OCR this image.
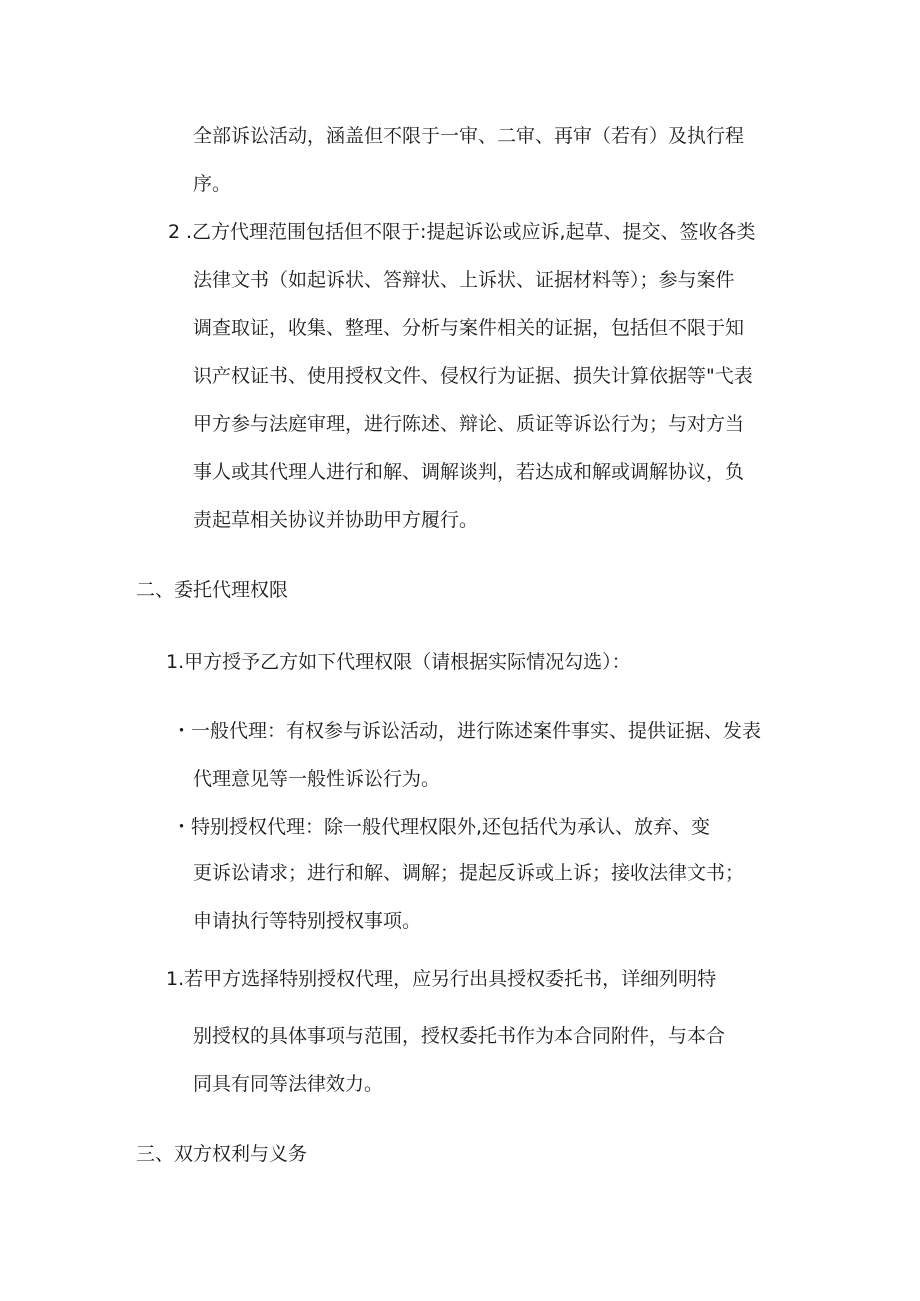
全部诉讼活动，涵盖但不限于一审、二审、再审（若有）及执行程
序。
2 .乙方代理范围包括但不限于:提起诉讼或应诉,起草、提交、签收各类
法律文书（如起诉状、答辩状、上诉状、证据材料等）；参与案件
调查取证，收集、整理、分析与案件相关的证据，包括但不限于知
识产权证书、使用授权文件、侵权行为证据、损失计算依据等"弋表
甲方参与法庭审理，进行陈述、辩论、质证等诉讼行为；与对方当
事人或其代理人进行和解、调解谈判，若达成和解或调解协议，负
责起草相关协议并协助甲方履行。
二、委托代理权限
1.甲方授予乙方如下代理权限（请根据实际情况勾选）：
・一般代理：有权参与诉讼活动，进行陈述案件事实、提供证据、发表
代理意见等一般性诉讼行为。
・特别授权代理：除一般代理权限外,还包括代为承认、放弃、变
更诉讼请求；进行和解、调解；提起反诉或上诉；接收法律文书；
申请执行等特别授权事项。
1.若甲方选择特别授权代理，应另行出具授权委托书，详细列明特
别授权的具体事项与范围，授权委托书作为本合同附件，与本合
同具有同等法律效力。
三、双方权利与义务
